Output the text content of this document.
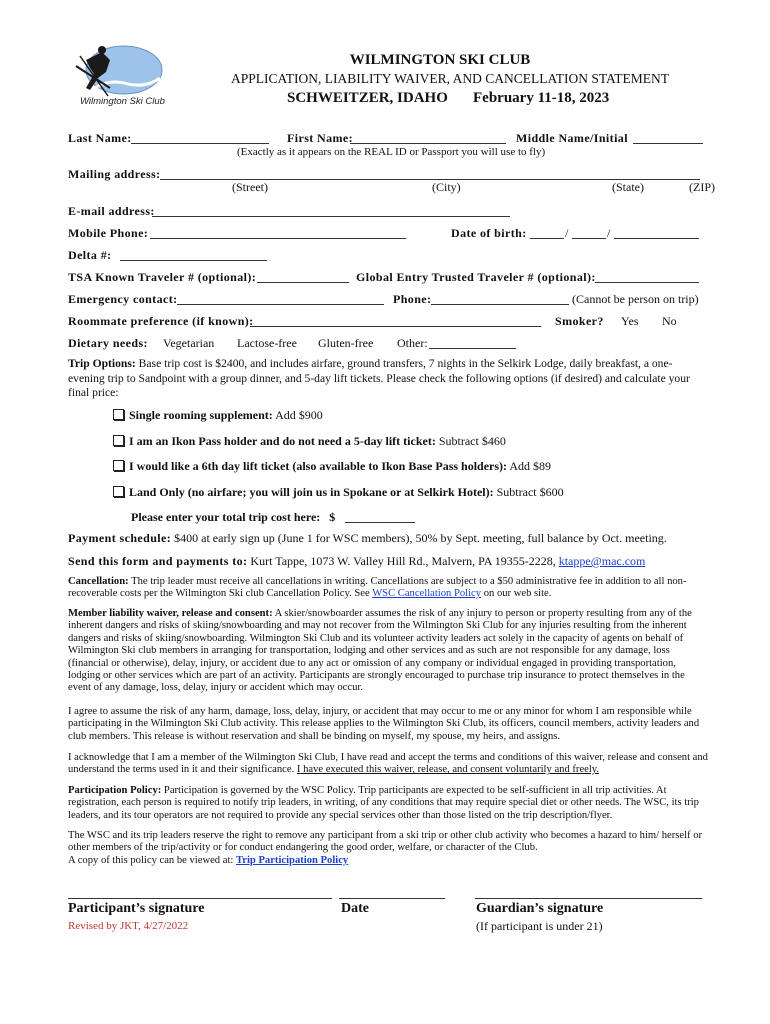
Wilmington Ski Club
WILMINGTON SKI CLUB
APPLICATION, LIABILITY WAIVER, AND CANCELLATION STATEMENT
SCHWEITZER, IDAHO February 11-18, 2023
Last Name:	First Name:	Middle Name/Initial
(Exactly as it appears on the REAL ID or Passport you will use to fly)
Mailing address:
(Street)	(City)	(State)	(ZIP)
E-mail address:
Mobile Phone:	Date of birth:	/	/
Delta #:
TSA Known Traveler # (optional):	Global Entry Trusted Traveler # (optional):
Emergency contact:	Phone:	(Cannot be person on trip)
Roommate preference (if known):	Smoker? Yes No
Dietary needs: Vegetarian Lactose-free Gluten-free Other:
Trip Options: Base trip cost is $2400, and includes airfare, ground transfers, 7 nights in the Selkirk Lodge, daily breakfast, a one-evening trip to Sandpoint with a group dinner, and 5-day lift tickets. Please check the following options (if desired) and calculate your final price:
Single rooming supplement: Add $900
I am an Ikon Pass holder and do not need a 5-day lift ticket: Subtract $460
I would like a 6th day lift ticket (also available to Ikon Base Pass holders): Add $89
Land Only (no airfare; you will join us in Spokane or at Selkirk Hotel): Subtract $600
Please enter your total trip cost here: $
Payment schedule: $400 at early sign up (June 1 for WSC members), 50% by Sept. meeting, full balance by Oct. meeting.
Send this form and payments to: Kurt Tappe, 1073 W. Valley Hill Rd., Malvern, PA 19355-2228, ktappe@mac.com
Cancellation: The trip leader must receive all cancellations in writing. Cancellations are subject to a $50 administrative fee in addition to all non-recoverable costs per the Wilmington Ski club Cancellation Policy. See WSC Cancellation Policy on our web site.
Member liability waiver, release and consent: A skier/snowboarder assumes the risk of any injury to person or property resulting from any of the inherent dangers and risks of skiing/snowboarding and may not recover from the Wilmington Ski Club for any injuries resulting from the inherent dangers and risks of skiing/snowboarding. Wilmington Ski Club and its volunteer activity leaders act solely in the capacity of agents on behalf of Wilmington Ski club members in arranging for transportation, lodging and other services and as such are not responsible for any damage, loss (financial or otherwise), delay, injury, or accident due to any act or omission of any company or individual engaged in providing transportation, lodging or other services which are part of an activity. Participants are strongly encouraged to purchase trip insurance to protect themselves in the event of any damage, loss, delay, injury or accident which may occur.
I agree to assume the risk of any harm, damage, loss, delay, injury, or accident that may occur to me or any minor for whom I am responsible while participating in the Wilmington Ski Club activity. This release applies to the Wilmington Ski Club, its officers, council members, activity leaders and club members. This release is without reservation and shall be binding on myself, my spouse, my heirs, and assigns.
I acknowledge that I am a member of the Wilmington Ski Club, I have read and accept the terms and conditions of this waiver, release and consent and understand the terms used in it and their significance. I have executed this waiver, release, and consent voluntarily and freely.
Participation Policy: Participation is governed by the WSC Policy. Trip participants are expected to be self-sufficient in all trip activities. At registration, each person is required to notify trip leaders, in writing, of any conditions that may require special diet or other needs. The WSC, its trip leaders, and its tour operators are not required to provide any special services other than those listed on the trip description/flyer.
The WSC and its trip leaders reserve the right to remove any participant from a ski trip or other club activity who becomes a hazard to him/ herself or other members of the trip/activity or for conduct endangering the good order, welfare, or character of the Club.
A copy of this policy can be viewed at: Trip Participation Policy
Participant’s signature	Date	Guardian’s signature
Revised by JKT, 4/27/2022	(If participant is under 21)
